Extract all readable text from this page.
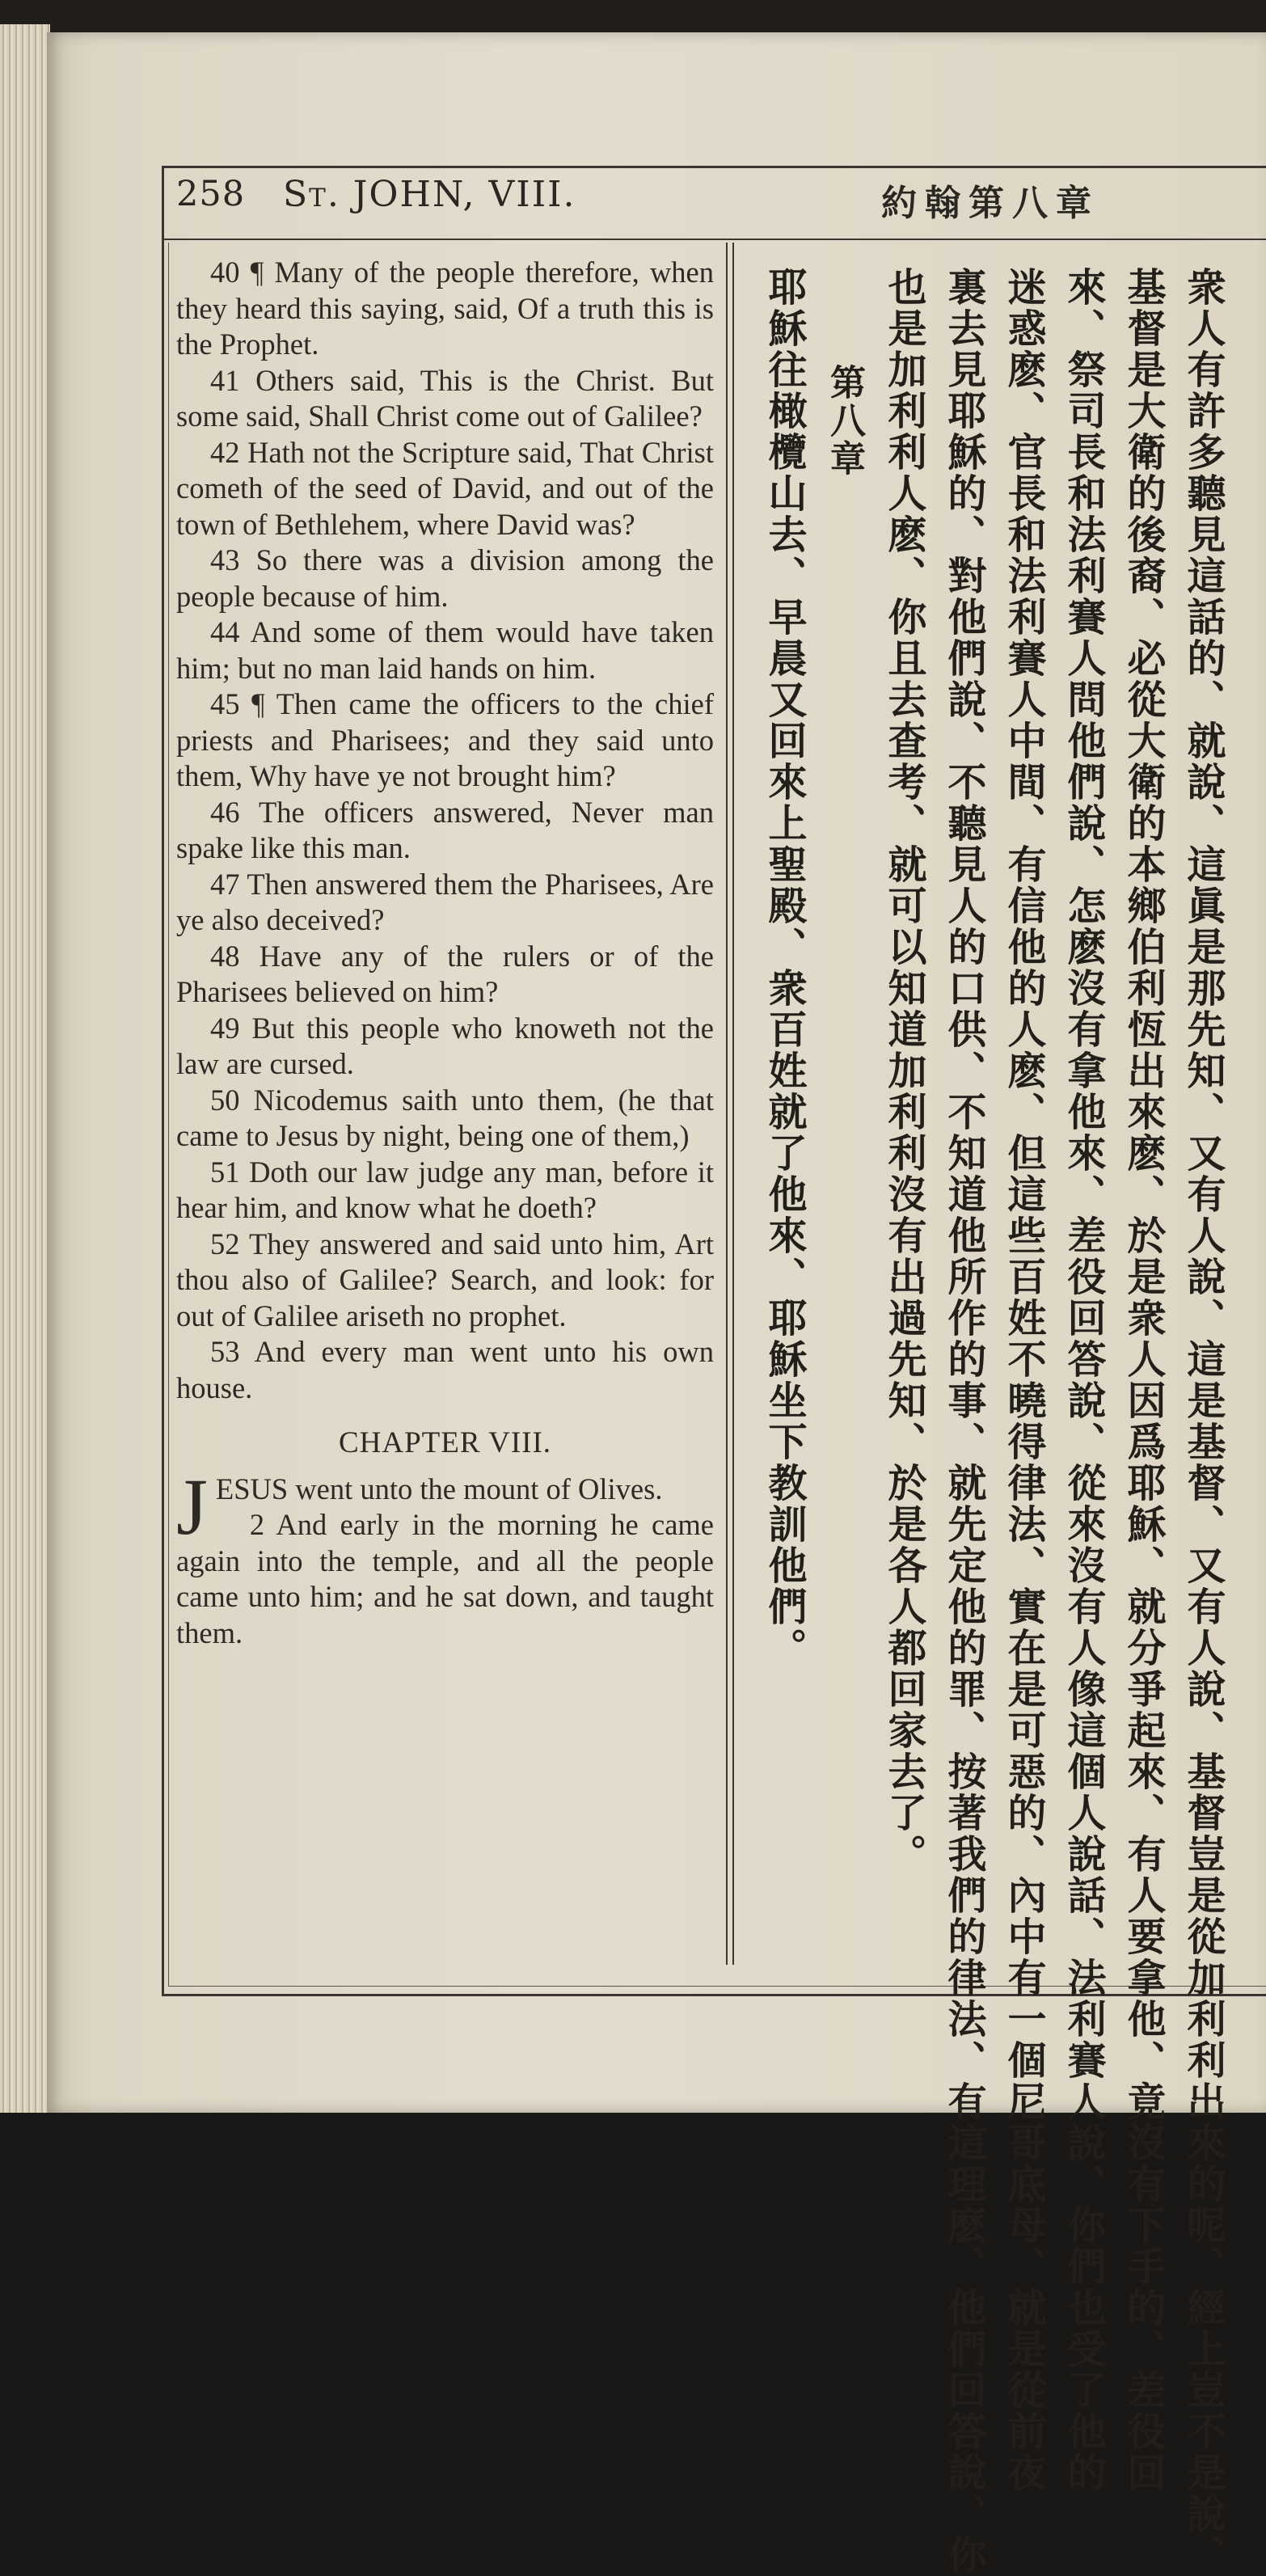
258 St. JOHN, VIII.	約翰第八章

40 ¶ Many of the people therefore, when they heard this saying, said, Of a truth this is the Prophet.

41 Others said, This is the Christ. But some said, Shall Christ come out of Galilee?

42 Hath not the Scripture said, That Christ cometh of the seed of David, and out of the town of Bethlehem, where David was?

43 So there was a division among the people because of him.

44 And some of them would have taken him; but no man laid hands on him.

45 ¶ Then came the officers to the chief priests and Pharisees; and they said unto them, Why have ye not brought him?

46 The officers answered, Never man spake like this man.

47 Then answered them the Pharisees, Are ye also deceived?

48 Have any of the rulers or of the Pharisees believed on him?

49 But this people who knoweth not the law are cursed.

50 Nicodemus saith unto them, (he that came to Jesus by night, being one of them,)

51 Doth our law judge any man, before it hear him, and know what he doeth?

52 They answered and said unto him, Art thou also of Galilee? Search, and look: for out of Galilee ariseth no prophet.

53 And every man went unto his own house.

CHAPTER VIII.

JESUS went unto the mount of Olives.

2 And early in the morning he came again into the temple, and all the people came unto him; and he sat down, and taught them.	衆人有許多聽見這話的、就說、這眞是那先知、又有人說、這是基督、又有人說、基督豈是從加利利出來的呢、經上豈不是說、
基督是大衛的後裔、必從大衛的本鄉伯利恆出來麽、於是衆人因爲耶穌、就分爭起來、有人要拿他、竟沒有下手的、差役回
來、祭司長和法利賽人問他們說、怎麽沒有拿他來、差役回答說、從來沒有人像這個人說話、法利賽人說、你們也受了他的
迷惑麽、官長和法利賽人中間、有信他的人麽、但這些百姓不曉得律法、實在是可惡的、內中有一個尼哥底母、就是從前夜
裏去見耶穌的、對他們說、不聽見人的口供、不知道他所作的事、就先定他的罪、按著我們的律法、有這理麽、他們回答說、你
也是加利利人麽、你且去查考、就可以知道加利利沒有出過先知、於是各人都回家去了。
第八章
耶穌往橄欖山去、早晨又回來上聖殿、衆百姓就了他來、耶穌坐下教訓他們。
